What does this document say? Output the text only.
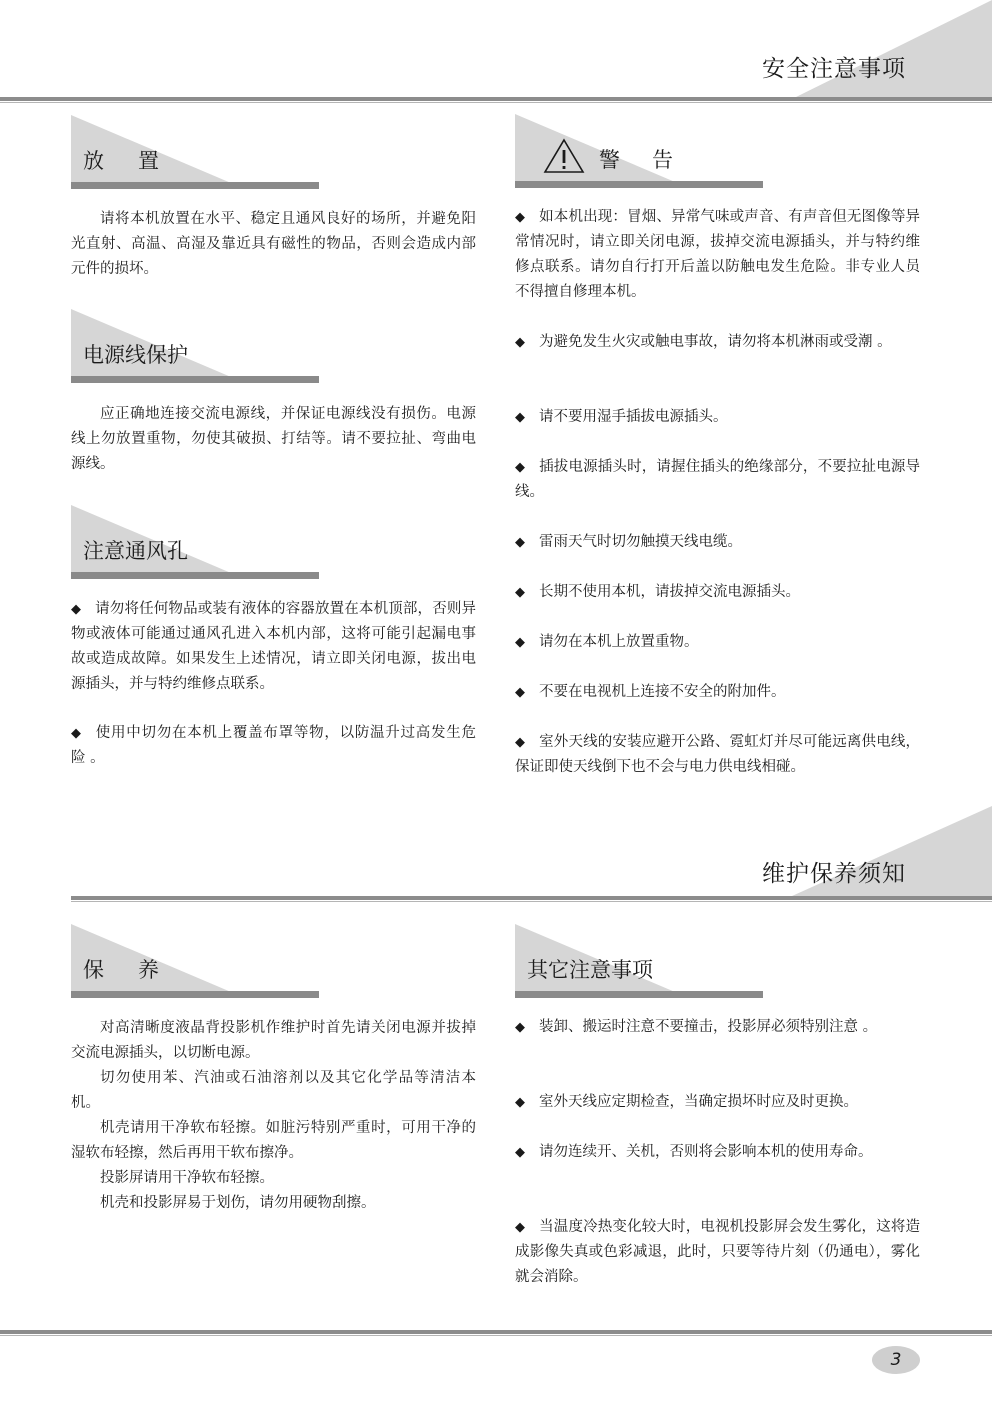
安全注意事项
放置

请将本机放置在水平、稳定且通风良好的场所，并避免阳光直射、高温、高湿及靠近具有磁性的物品，否则会造成内部元件的损坏。

电源线保护

应正确地连接交流电源线，并保证电源线没有损伤。电源线上勿放置重物，勿使其破损、打结等。请不要拉扯、弯曲电源线。

注意通风孔

◆ 请勿将任何物品或装有液体的容器放置在本机顶部，否则异物或液体可能通过通风孔进入本机内部，这将可能引起漏电事故或造成故障。如果发生上述情况，请立即关闭电源，拔出电源插头，并与特约维修点联系。

◆ 使用中切勿在本机上覆盖布罩等物，以防温升过高发生危 险 。

警告

◆ 如本机出现：冒烟、异常气味或声音、有声音但无图像等异常情况时，请立即关闭电源，拔掉交流电源插头，并与特约维修点联系。请勿自行打开后盖以防触电发生危险。非专业人员不得擅自修理本机。

◆ 为避免发生火灾或触电事故，请勿将本机淋雨或受潮 。

◆ 请不要用湿手插拔电源插头。

◆ 插拔电源插头时，请握住插头的绝缘部分，不要拉扯电源导线。

◆ 雷雨天气时切勿触摸天线电缆。

◆ 长期不使用本机，请拔掉交流电源插头。

◆ 请勿在本机上放置重物。

◆ 不要在电视机上连接不安全的附加件。

◆ 室外天线的安装应避开公路、霓虹灯并尽可能远离供电线，保证即使天线倒下也不会与电力供电线相碰。

维护保养须知
保养

对高清晰度液晶背投影机作维护时首先请关闭电源并拔掉交流电源插头，以切断电源。

切勿使用苯、汽油或石油溶剂以及其它化学品等清洁本机。

机壳请用干净软布轻擦。如脏污特别严重时，可用干净的湿软布轻擦，然后再用干软布擦净。

投影屏请用干净软布轻擦。

机壳和投影屏易于划伤，请勿用硬物刮擦。

其它注意事项

◆ 装卸、搬运时注意不要撞击，投影屏必须特别注意 。

◆ 室外天线应定期检查，当确定损坏时应及时更换。

◆ 请勿连续开、关机，否则将会影响本机的使用寿命。

◆ 当温度冷热变化较大时，电视机投影屏会发生雾化，这将造成影像失真或色彩减退，此时，只要等待片刻（仍通电），雾化就会消除。

3
